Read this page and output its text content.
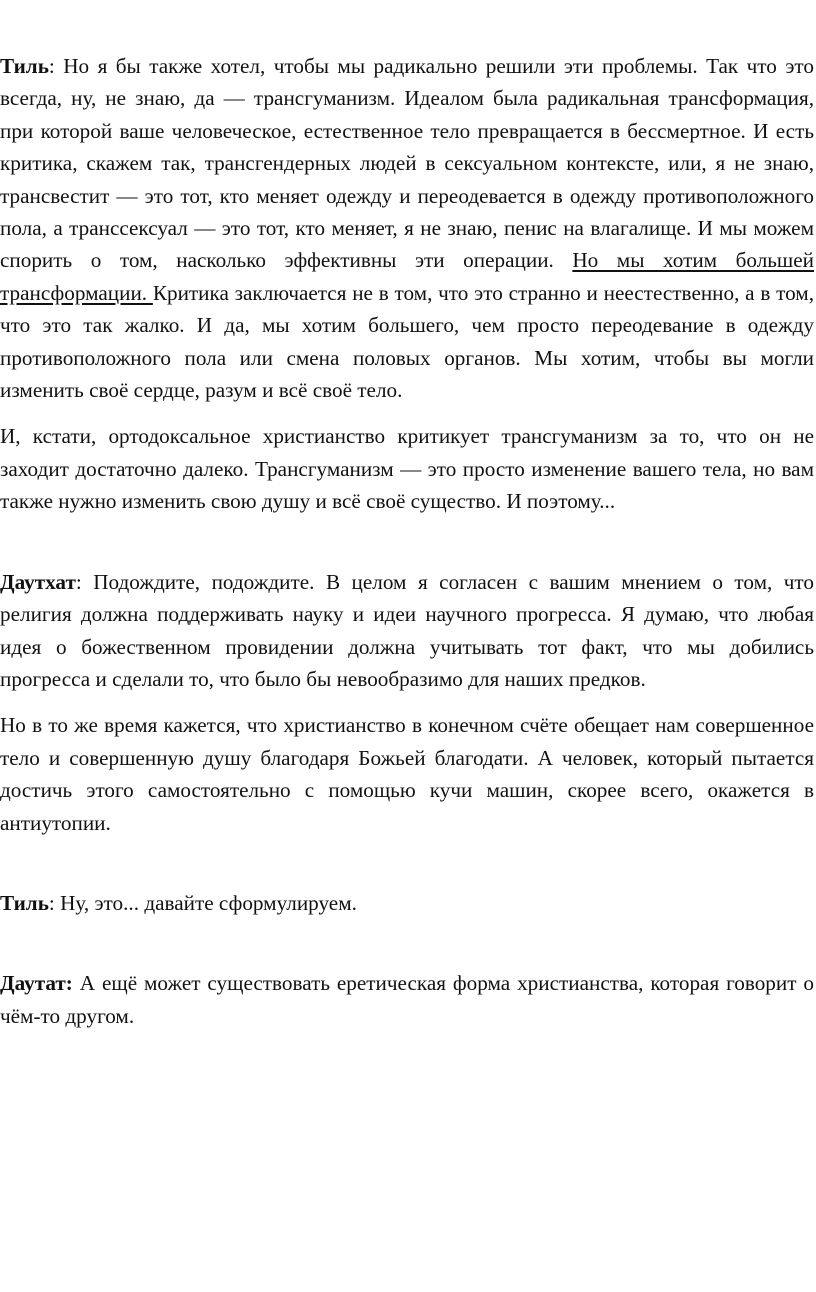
Тиль: Но я бы также хотел, чтобы мы радикально решили эти проблемы. Так что это всегда, ну, не знаю, да — трансгуманизм. Идеалом была радикальная трансформация, при которой ваше человеческое, естественное тело превращается в бессмертное. И есть критика, скажем так, трансгендерных людей в сексуальном контексте, или, я не знаю, трансвестит — это тот, кто меняет одежду и переодевается в одежду противоположного пола, а транссексуал — это тот, кто меняет, я не знаю, пенис на влагалище. И мы можем спорить о том, насколько эффективны эти операции. Но мы хотим большей трансформации. Критика заключается не в том, что это странно и неестественно, а в том, что это так жалко. И да, мы хотим большего, чем просто переодевание в одежду противоположного пола или смена половых органов. Мы хотим, чтобы вы могли изменить своё сердце, разум и всё своё тело.

И, кстати, ортодоксальное христианство критикует трансгуманизм за то, что он не заходит достаточно далеко. Трансгуманизм — это просто изменение вашего тела, но вам также нужно изменить свою душу и всё своё существо. И поэтому...

Даутхат: Подождите, подождите. В целом я согласен с вашим мнением о том, что религия должна поддерживать науку и идеи научного прогресса. Я думаю, что любая идея о божественном провидении должна учитывать тот факт, что мы добились прогресса и сделали то, что было бы невообразимо для наших предков.

Но в то же время кажется, что христианство в конечном счёте обещает нам совершенное тело и совершенную душу благодаря Божьей благодати. А человек, который пытается достичь этого самостоятельно с помощью кучи машин, скорее всего, окажется в антиутопии.

Тиль: Ну, это... давайте сформулируем.

Даутат: А ещё может существовать еретическая форма христианства, которая говорит о чём-то другом.
